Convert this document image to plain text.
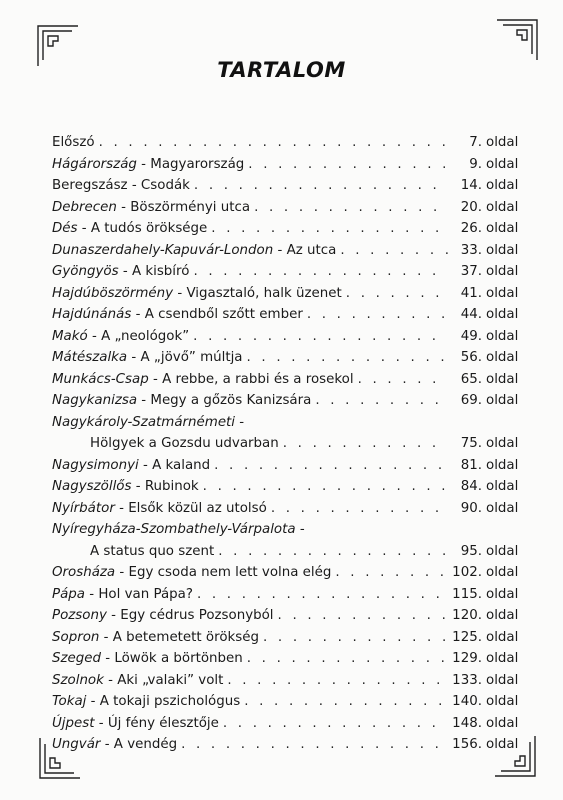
TARTALOM
Előszó . . .	7. oldal
Hágárország - Magyarország . . .	9. oldal
Beregszász - Csodák . . .	14. oldal
Debrecen - Böszörményi utca . . .	20. oldal
Dés - A tudós öröksége . . .	26. oldal
Dunaszerdahely-Kapuvár-London - Az utca . . .	33. oldal
Gyöngyös - A kisbíró . . .	37. oldal
Hajdúböszörmény - Vigasztaló, halk üzenet . . .	41. oldal
Hajdúnánás - A csendből szőtt ember . . .	44. oldal
Makó - A „neológok” . . .	49. oldal
Mátészalka - A „jövő” múltja . . .	56. oldal
Munkács-Csap - A rebbe, a rabbi és a rosekol . . .	65. oldal
Nagykanizsa - Megy a gőzös Kanizsára . . .	69. oldal
Nagykároly-Szatmárnémeti -
Hölgyek a Gozsdu udvarban . . .	75. oldal
Nagysimonyi - A kaland . . .	81. oldal
Nagyszöllős - Rubinok . . .	84. oldal
Nyírbátor - Elsők közül az utolsó . . .	90. oldal
Nyíregyháza-Szombathely-Várpalota -
A status quo szent . . .	95. oldal
Orosháza - Egy csoda nem lett volna elég . . .	102. oldal
Pápa - Hol van Pápa? . . .	115. oldal
Pozsony - Egy cédrus Pozsonyból . . .	120. oldal
Sopron - A betemetett örökség . . .	125. oldal
Szeged - Löwök a börtönben . . .	129. oldal
Szolnok - Aki „valaki” volt . . .	133. oldal
Tokaj - A tokaji pszichológus . . .	140. oldal
Újpest - Új fény élesztője . . .	148. oldal
Ungvár - A vendég . . .	156. oldal
